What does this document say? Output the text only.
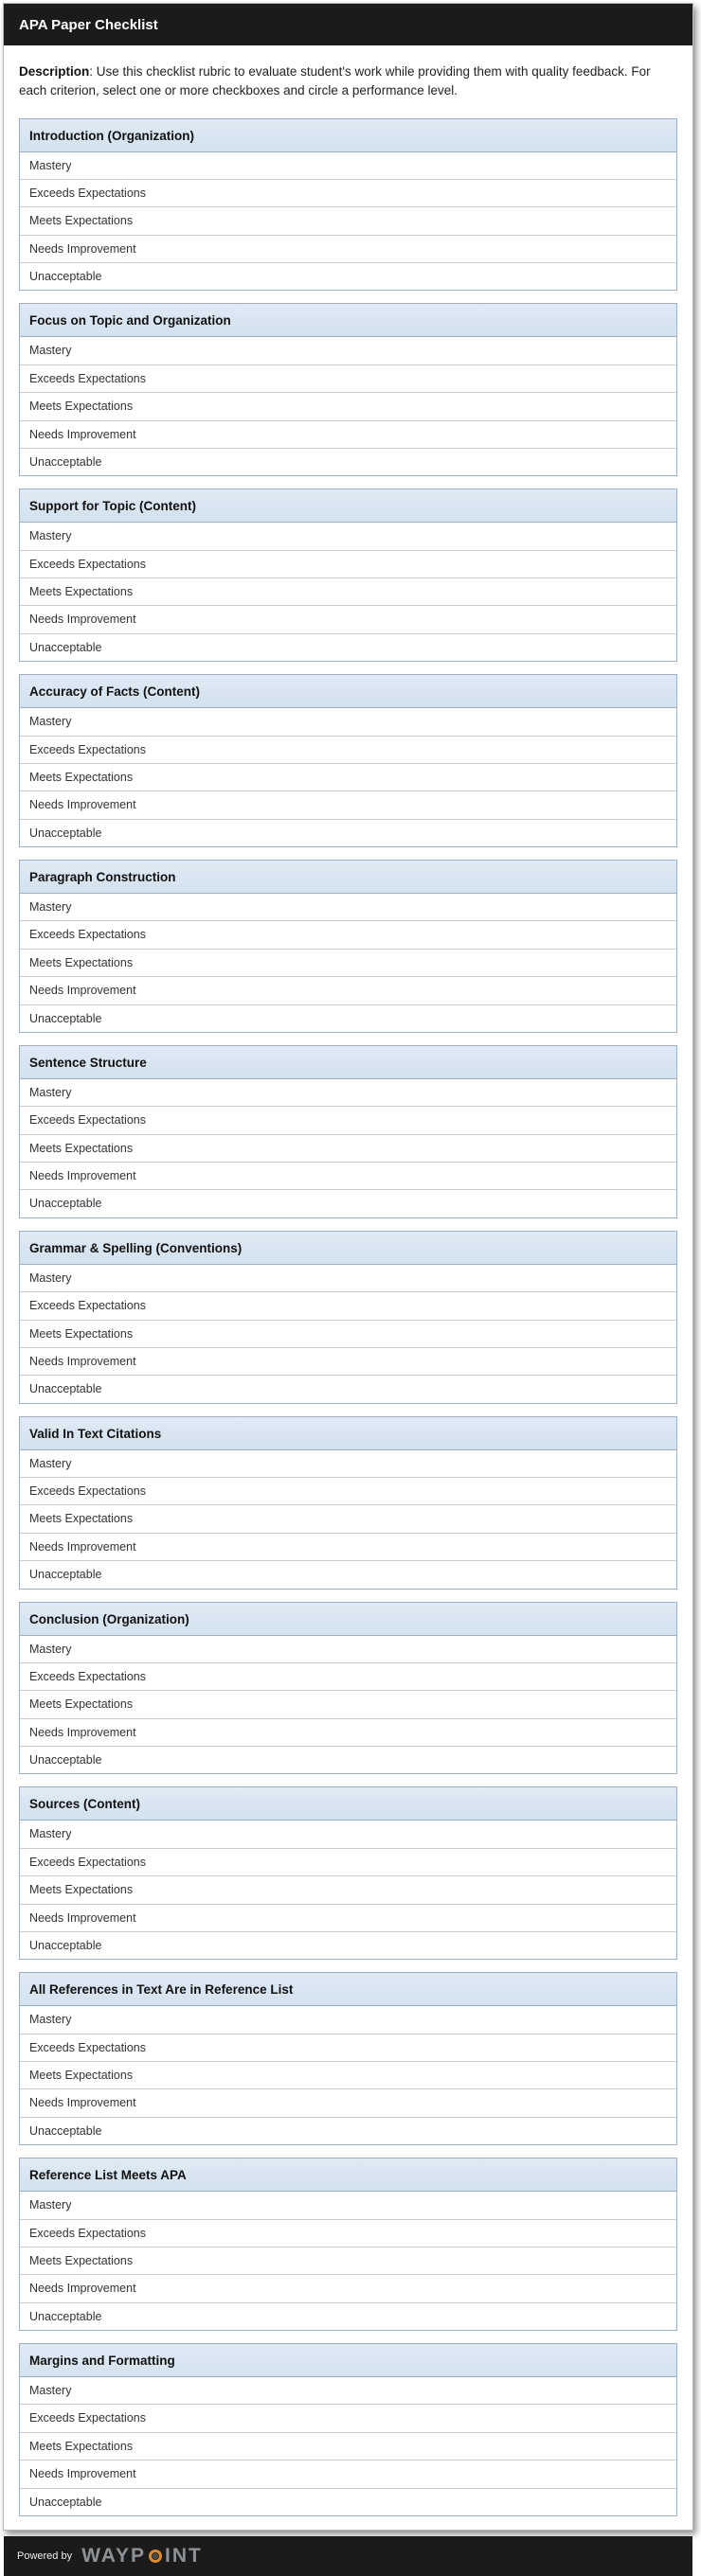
APA Paper Checklist

Description: Use this checklist rubric to evaluate student's work while providing them with quality feedback. For each criterion, select one or more checkboxes and circle a performance level.

Introduction (Organization)
Mastery
Exceeds Expectations
Meets Expectations
Needs Improvement
Unacceptable
Focus on Topic and Organization
Mastery
Exceeds Expectations
Meets Expectations
Needs Improvement
Unacceptable
Support for Topic (Content)
Mastery
Exceeds Expectations
Meets Expectations
Needs Improvement
Unacceptable
Accuracy of Facts (Content)
Mastery
Exceeds Expectations
Meets Expectations
Needs Improvement
Unacceptable
Paragraph Construction
Mastery
Exceeds Expectations
Meets Expectations
Needs Improvement
Unacceptable
Sentence Structure
Mastery
Exceeds Expectations
Meets Expectations
Needs Improvement
Unacceptable
Grammar & Spelling (Conventions)
Mastery
Exceeds Expectations
Meets Expectations
Needs Improvement
Unacceptable
Valid In Text Citations
Mastery
Exceeds Expectations
Meets Expectations
Needs Improvement
Unacceptable
Conclusion (Organization)
Mastery
Exceeds Expectations
Meets Expectations
Needs Improvement
Unacceptable
Sources (Content)
Mastery
Exceeds Expectations
Meets Expectations
Needs Improvement
Unacceptable
All References in Text Are in Reference List
Mastery
Exceeds Expectations
Meets Expectations
Needs Improvement
Unacceptable
Reference List Meets APA
Mastery
Exceeds Expectations
Meets Expectations
Needs Improvement
Unacceptable
Margins and Formatting
Mastery
Exceeds Expectations
Meets Expectations
Needs Improvement
Unacceptable
Powered by WAYP INT
